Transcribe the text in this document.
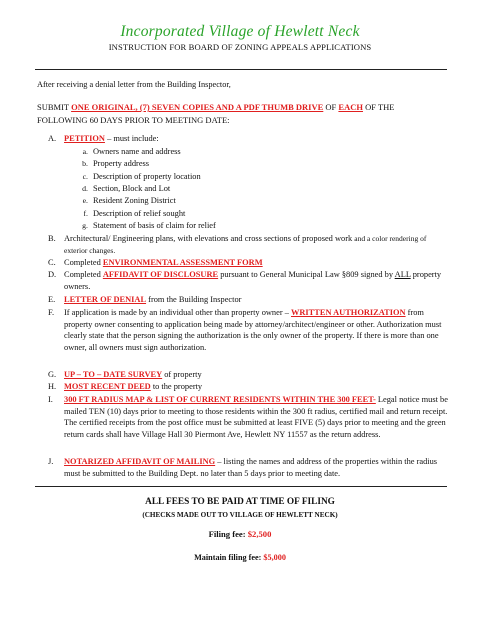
Incorporated Village of Hewlett Neck
INSTRUCTION FOR BOARD OF ZONING APPEALS APPLICATIONS
After receiving a denial letter from the Building Inspector,
SUBMIT ONE ORIGINAL, (7) SEVEN COPIES AND A PDF THUMB DRIVE OF EACH OF THE FOLLOWING 60 DAYS PRIOR TO MEETING DATE:
A. PETITION – must include:
a. Owners name and address
b. Property address
c. Description of property location
d. Section, Block and Lot
e. Resident Zoning District
f. Description of relief sought
g. Statement of basis of claim for relief
B. Architectural/ Engineering plans, with elevations and cross sections of proposed work and a color rendering of exterior changes.
C. Completed ENVIRONMENTAL ASSESSMENT FORM
D. Completed AFFIDAVIT OF DISCLOSURE pursuant to General Municipal Law §809 signed by ALL property owners.
E.	LETTER OF DENIAL from the Building Inspector
F.	If application is made by an individual other than property owner – WRITTEN AUTHORIZATION from property owner consenting to application being made by attorney/architect/engineer or other. Authorization must clearly state that the person signing the authorization is the only owner of the property. If there is more than one owner, all owners must sign authorization.
G. UP – TO – DATE SURVEY of property
H. MOST RECENT DEED to the property
I.	300 FT RADIUS MAP & LIST OF CURRENT RESIDENTS WITHIN THE 300 FEET- Legal notice must be mailed TEN (10) days prior to meeting to those residents within the 300 ft radius, certified mail and return receipt. The certified receipts from the post office must be submitted at least FIVE (5) days prior to meeting and the green return cards shall have Village Hall 30 Piermont Ave, Hewlett NY 11557 as the return address.
J.	NOTARIZED AFFIDAVIT OF MAILING – listing the names and address of the properties within the radius must be submitted to the Building Dept. no later than 5 days prior to meeting date.
ALL FEES TO BE PAID AT TIME OF FILING
(CHECKS MADE OUT TO VILLAGE OF HEWLETT NECK)
Filing fee: $2,500
Maintain filing fee: $5,000
